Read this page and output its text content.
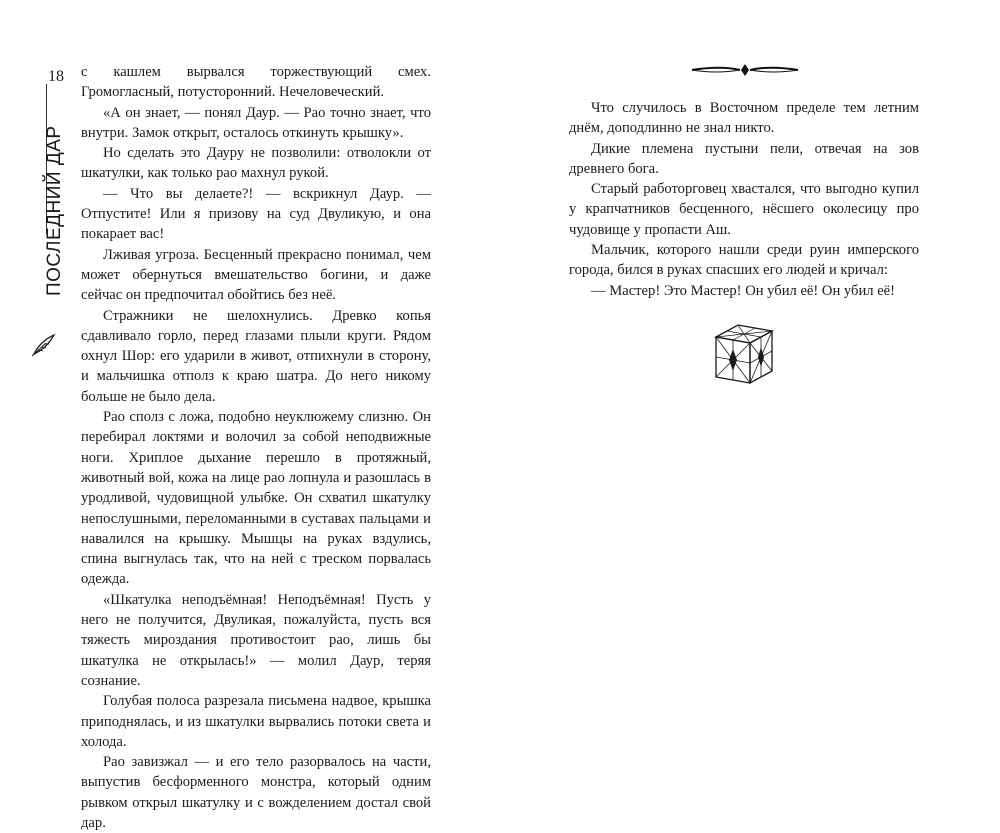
18
ПОСЛЕДНИЙ ДАР

с кашлем вырвался торжествующий смех. Громогласный, потусторонний. Нечеловеческий.

«А он знает, — понял Даур. — Рао точно знает, что внутри. Замок открыт, осталось откинуть крышку».

Но сделать это Дауру не позволили: отволокли от шкатулки, как только рао махнул рукой.

— Что вы делаете?! — вскрикнул Даур. — Отпустите! Или я призову на суд Двуликую, и она покарает вас!

Лживая угроза. Бесценный прекрасно понимал, чем может обернуться вмешательство богини, и даже сейчас он предпочитал обойтись без неё.

Стражники не шелохнулись. Древко копья сдавливало горло, перед глазами плыли круги. Рядом охнул Шор: его ударили в живот, отпихнули в сторону, и мальчишка отполз к краю шатра. До него никому больше не было дела.

Рао сполз с ложа, подобно неуклюжему слизню. Он перебирал локтями и волочил за собой неподвижные ноги. Хриплое дыхание перешло в протяжный, животный вой, кожа на лице рао лопнула и разошлась в уродливой, чудовищной улыбке. Он схватил шкатулку непослушными, переломанными в суставах пальцами и навалился на крышку. Мышцы на руках вздулись, спина выгнулась так, что на ней с треском порвалась одежда.

«Шкатулка неподъёмная! Неподъёмная! Пусть у него не получится, Двуликая, пожалуйста, пусть вся тяжесть мироздания противостоит рао, лишь бы шкатулка не открылась!» — молил Даур, теряя сознание.

Голубая полоса разрезала письмена надвое, крышка приподнялась, и из шкатулки вырвались потоки света и холода.

Рао завизжал — и его тело разорвалось на части, выпустив бесформенного монстра, который одним рывком открыл шкатулку и с вожделением достал свой дар.

Что случилось в Восточном пределе тем летним днём, доподлинно не знал никто.

Дикие племена пустыни пели, отвечая на зов древнего бога.

Старый работорговец хвастался, что выгодно купил у крапчатников бесценного, нёсшего околесицу про чудовище у пропасти Аш.

Мальчик, которого нашли среди руин имперского города, бился в руках спасших его людей и кричал:

— Мастер! Это Мастер! Он убил её! Он убил её!
